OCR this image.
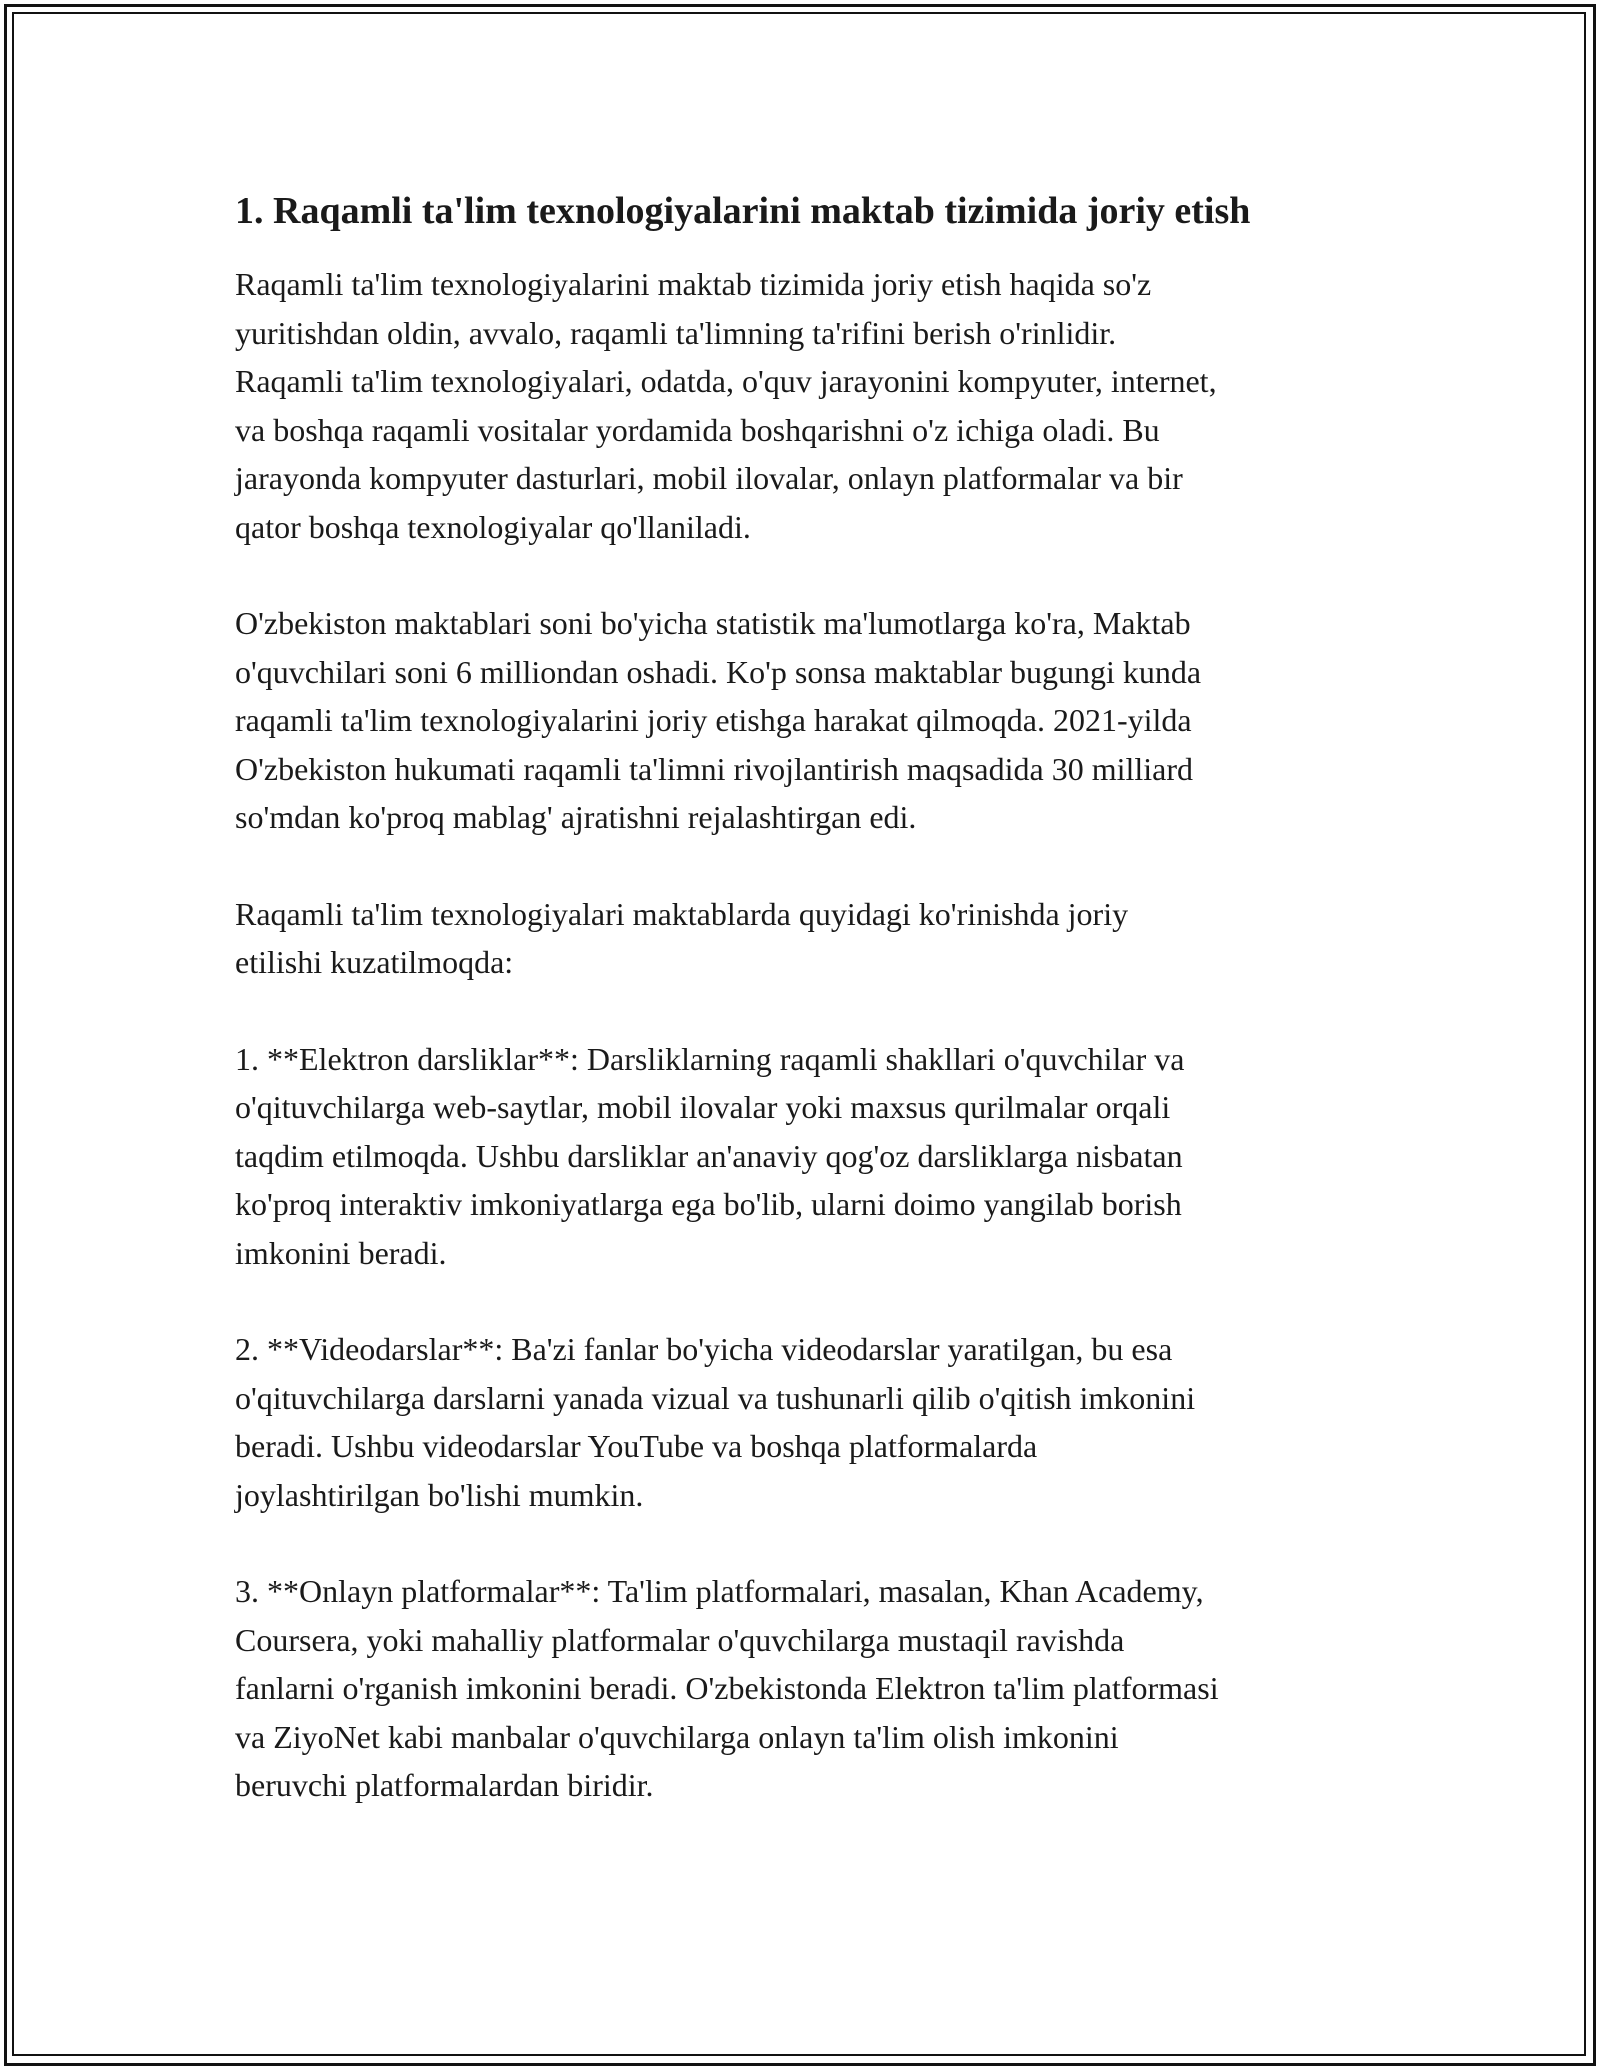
1. Raqamli ta'lim texnologiyalarini maktab tizimida joriy etish

Raqamli ta'lim texnologiyalarini maktab tizimida joriy etish haqida so'z
yuritishdan oldin, avvalo, raqamli ta'limning ta'rifini berish o'rinlidir.
Raqamli ta'lim texnologiyalari, odatda, o'quv jarayonini kompyuter, internet,
va boshqa raqamli vositalar yordamida boshqarishni o'z ichiga oladi. Bu
jarayonda kompyuter dasturlari, mobil ilovalar, onlayn platformalar va bir
qator boshqa texnologiyalar qo'llaniladi.

O'zbekiston maktablari soni bo'yicha statistik ma'lumotlarga ko'ra, Maktab
o'quvchilari soni 6 milliondan oshadi. Ko'p sonsa maktablar bugungi kunda
raqamli ta'lim texnologiyalarini joriy etishga harakat qilmoqda. 2021-yilda
O'zbekiston hukumati raqamli ta'limni rivojlantirish maqsadida 30 milliard
so'mdan ko'proq mablag' ajratishni rejalashtirgan edi.

Raqamli ta'lim texnologiyalari maktablarda quyidagi ko'rinishda joriy
etilishi kuzatilmoqda:

1. **Elektron darsliklar**: Darsliklarning raqamli shakllari o'quvchilar va
o'qituvchilarga web-saytlar, mobil ilovalar yoki maxsus qurilmalar orqali
taqdim etilmoqda. Ushbu darsliklar an'anaviy qog'oz darsliklarga nisbatan
ko'proq interaktiv imkoniyatlarga ega bo'lib, ularni doimo yangilab borish
imkonini beradi.

2. **Videodarslar**: Ba'zi fanlar bo'yicha videodarslar yaratilgan, bu esa
o'qituvchilarga darslarni yanada vizual va tushunarli qilib o'qitish imkonini
beradi. Ushbu videodarslar YouTube va boshqa platformalarda
joylashtirilgan bo'lishi mumkin.

3. **Onlayn platformalar**: Ta'lim platformalari, masalan, Khan Academy,
Coursera, yoki mahalliy platformalar o'quvchilarga mustaqil ravishda
fanlarni o'rganish imkonini beradi. O'zbekistonda Elektron ta'lim platformasi
va ZiyoNet kabi manbalar o'quvchilarga onlayn ta'lim olish imkonini
beruvchi platformalardan biridir.
